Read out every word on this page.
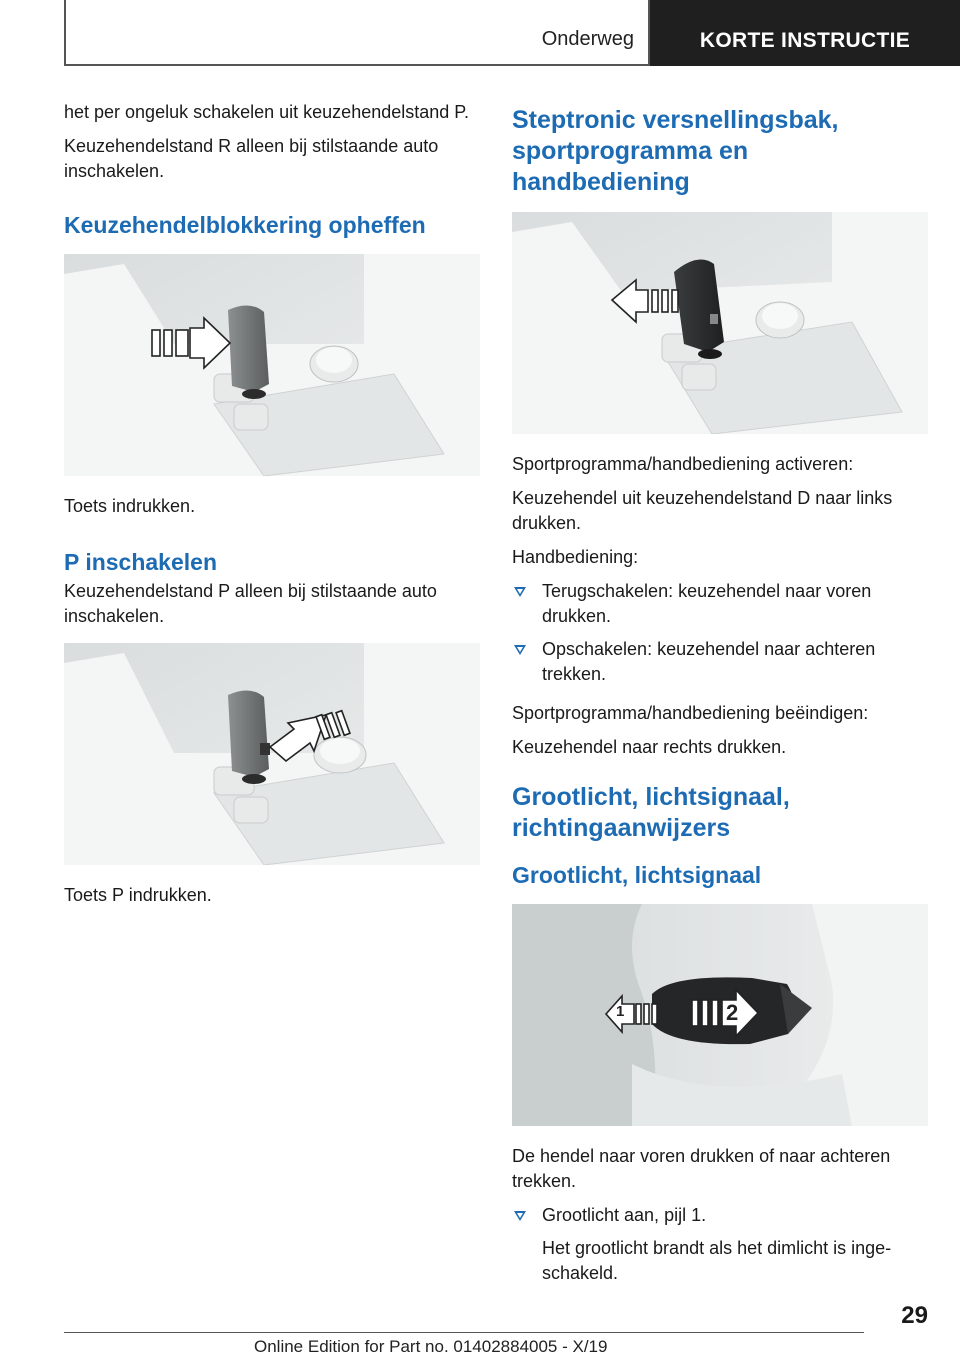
Onderweg	KORTE INSTRUCTIE

het per ongeluk schakelen uit keuzehendelstand P.

Keuzehendelstand R alleen bij stilstaande auto inschakelen.

Keuzehendelblokkering opheffen

Toets indrukken.

P inschakelen

Keuzehendelstand P alleen bij stilstaande auto inschakelen.

Toets P indrukken.

Steptronic versnellingsbak, sportprogramma en handbediening

Sportprogramma/handbediening activeren:

Keuzehendel uit keuzehendelstand D naar links drukken.

Handbediening:

Terugschakelen: keuzehendel naar voren drukken.
Opschakelen: keuzehendel naar achteren trekken.

Sportprogramma/handbediening beëindigen:

Keuzehendel naar rechts drukken.

Grootlicht, lichtsignaal, richtingaanwijzers
Grootlicht, lichtsignaal
1	2

De hendel naar voren drukken of naar achteren trekken.

Grootlicht aan, pijl 1.
Het grootlicht brandt als het dimlicht is ingeschakeld.
29
Online Edition for Part no. 01402884005 - X/19
